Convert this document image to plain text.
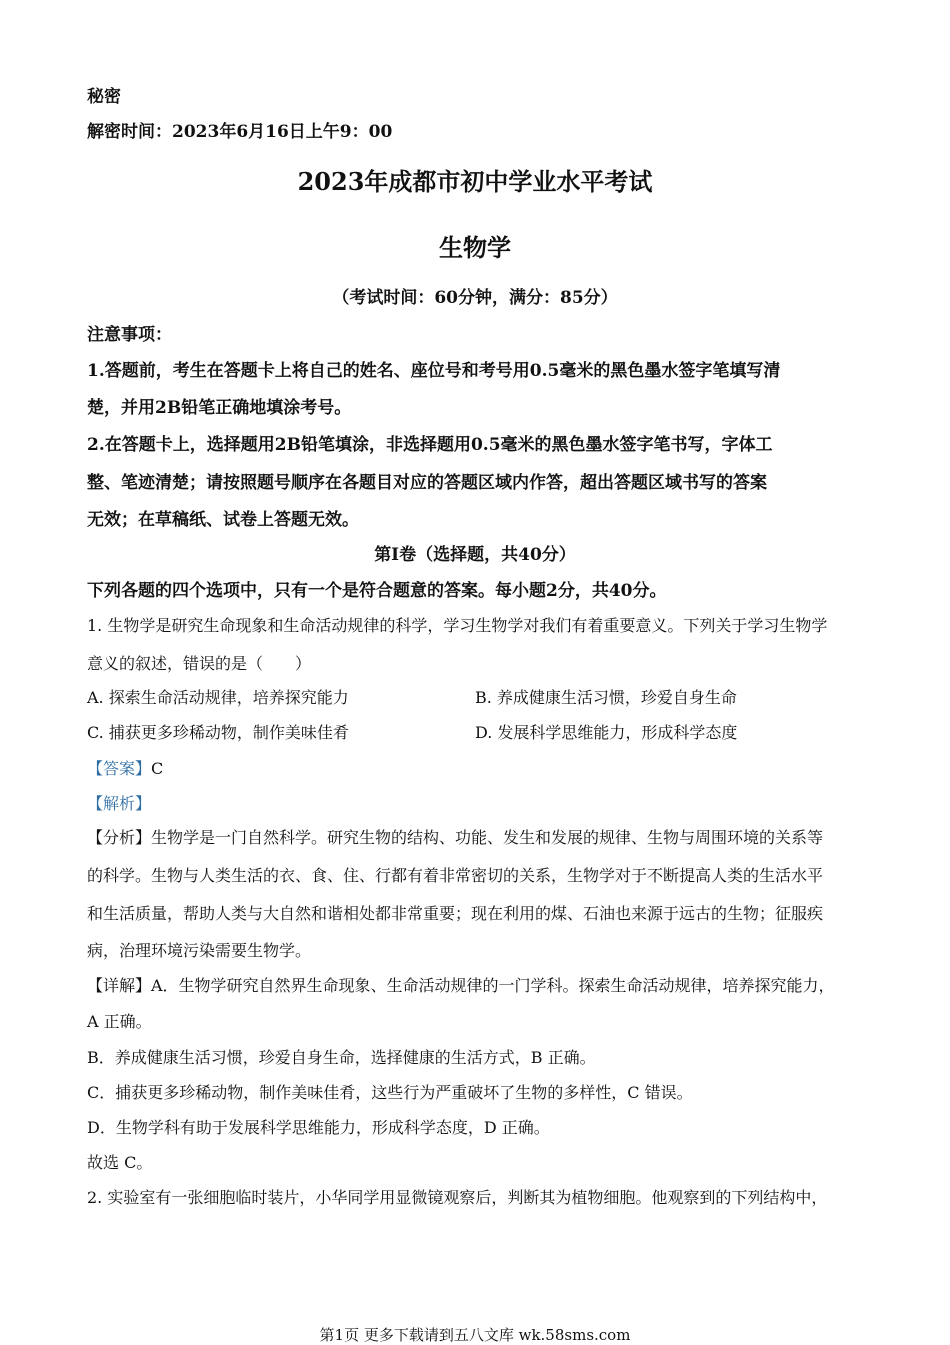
秘密
解密时间：2023年6月16日上午9：00
2023年成都市初中学业水平考试
生物学
（考试时间：60分钟，满分：85分）
注意事项：
1.答题前，考生在答题卡上将自己的姓名、座位号和考号用0.5毫米的黑色墨水签字笔填写清
楚，并用2B铅笔正确地填涂考号。
2.在答题卡上，选择题用2B铅笔填涂，非选择题用0.5毫米的黑色墨水签字笔书写，字体工
整、笔迹清楚；请按照题号顺序在各题目对应的答题区域内作答，超出答题区域书写的答案
无效；在草稿纸、试卷上答题无效。
第I卷（选择题，共40分）
下列各题的四个选项中，只有一个是符合题意的答案。每小题2分，共40分。
1. 生物学是研究生命现象和生命活动规律的科学，学习生物学对我们有着重要意义。下列关于学习生物学
意义的叙述，错误的是（　　）
A. 探索生命活动规律，培养探究能力	B. 养成健康生活习惯，珍爱自身生命
C. 捕获更多珍稀动物，制作美味佳肴	D. 发展科学思维能力，形成科学态度
【答案】C
【解析】
【分析】生物学是一门自然科学。研究生物的结构、功能、发生和发展的规律、生物与周围环境的关系等
的科学。生物与人类生活的衣、食、住、行都有着非常密切的关系，生物学对于不断提高人类的生活水平
和生活质量，帮助人类与大自然和谐相处都非常重要；现在利用的煤、石油也来源于远古的生物；征服疾
病，治理环境污染需要生物学。
【详解】A．生物学研究自然界生命现象、生命活动规律的一门学科。探索生命活动规律，培养探究能力，
A 正确。
B．养成健康生活习惯，珍爱自身生命，选择健康的生活方式，B 正确。
C．捕获更多珍稀动物，制作美味佳肴，这些行为严重破坏了生物的多样性，C 错误。
D．生物学科有助于发展科学思维能力，形成科学态度，D 正确。
故选 C。
2. 实验室有一张细胞临时装片，小华同学用显微镜观察后，判断其为植物细胞。他观察到的下列结构中，
第1页 更多下载请到五八文库 wk.58sms.com
